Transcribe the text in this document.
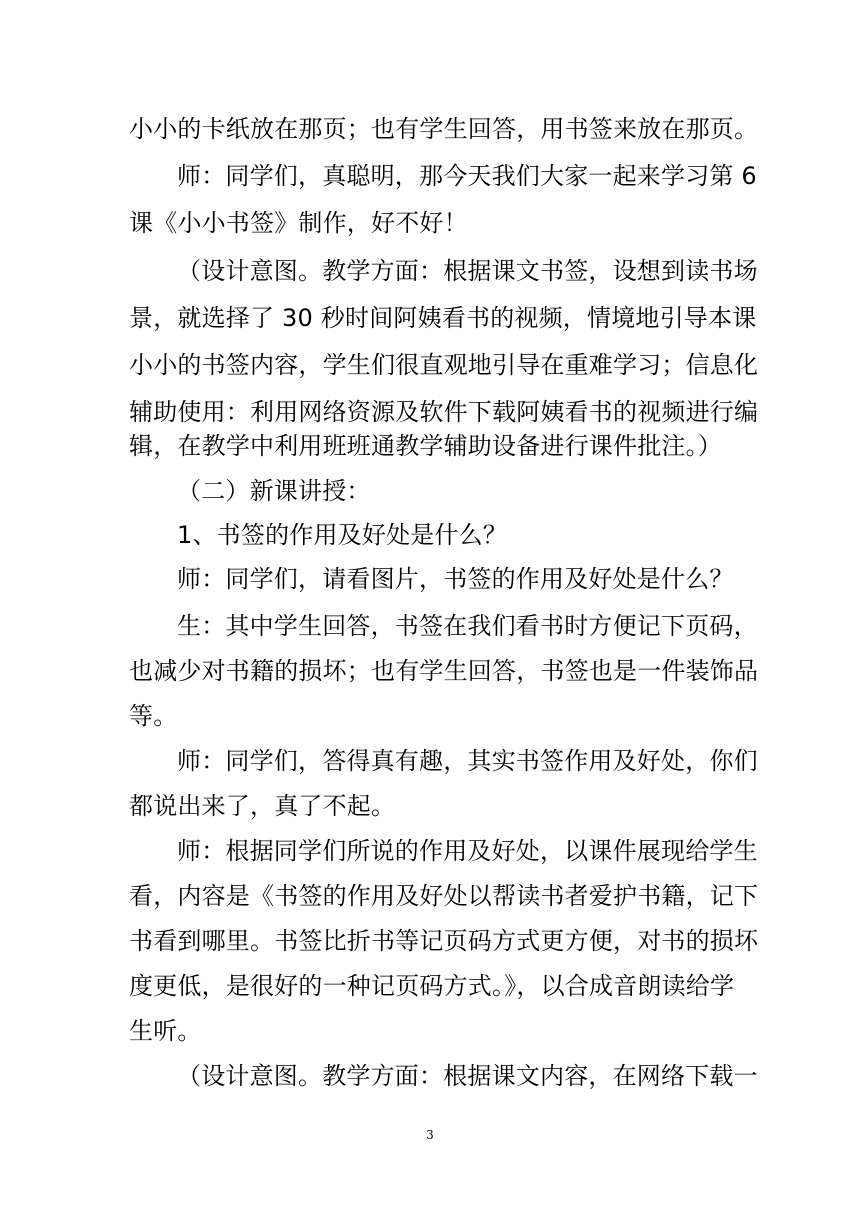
小小的卡纸放在那页；也有学生回答，用书签来放在那页。
师：同学们，真聪明，那今天我们大家一起来学习第 6
课《小小书签》制作，好不好！
（设计意图。教学方面：根据课文书签，设想到读书场
景，就选择了 30 秒时间阿姨看书的视频，情境地引导本课
小小的书签内容，学生们很直观地引导在重难学习；信息化
辅助使用：利用网络资源及软件下载阿姨看书的视频进行编
辑，在教学中利用班班通教学辅助设备进行课件批注。）
（二）新课讲授：
1、书签的作用及好处是什么？
师：同学们，请看图片，书签的作用及好处是什么？
生：其中学生回答，书签在我们看书时方便记下页码，
也减少对书籍的损坏；也有学生回答，书签也是一件装饰品
等。
师：同学们，答得真有趣，其实书签作用及好处，你们
都说出来了，真了不起。
师：根据同学们所说的作用及好处，以课件展现给学生
看，内容是《书签的作用及好处以帮读书者爱护书籍，记下
书看到哪里。书签比折书等记页码方式更方便，对书的损坏
度更低，是很好的一种记页码方式。》，以合成音朗读给学
生听。
（设计意图。教学方面：根据课文内容，在网络下载一
3
